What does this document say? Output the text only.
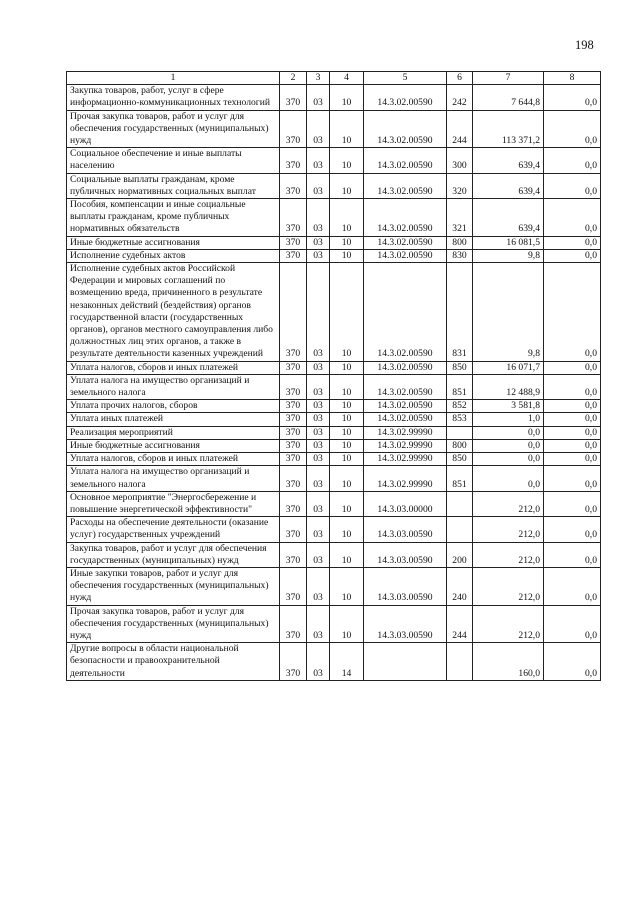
198
1	2	3	4	5	6	7	8
Закупка товаров, работ, услуг в сфере информационно-коммуникационных технологий	370	03	10	14.3.02.00590	242	7 644,8	0,0
Прочая закупка товаров, работ и услуг для обеспечения государственных (муниципальных) нужд	370	03	10	14.3.02.00590	244	113 371,2	0,0
Социальное обеспечение и иные выплаты населению	370	03	10	14.3.02.00590	300	639,4	0,0
Социальные выплаты гражданам, кроме публичных нормативных социальных выплат	370	03	10	14.3.02.00590	320	639,4	0,0
Пособия, компенсации и иные социальные выплаты гражданам, кроме публичных нормативных обязательств	370	03	10	14.3.02.00590	321	639,4	0,0
Иные бюджетные ассигнования	370	03	10	14.3.02.00590	800	16 081,5	0,0
Исполнение судебных актов	370	03	10	14.3.02.00590	830	9,8	0,0
Исполнение судебных актов Российской Федерации и мировых соглашений по возмещению вреда, причиненного в результате незаконных действий (бездействия) органов государственной власти (государственных органов), органов местного самоуправления либо должностных лиц этих органов, а также в результате деятельности казенных учреждений	370	03	10	14.3.02.00590	831	9,8	0,0
Уплата налогов, сборов и иных платежей	370	03	10	14.3.02.00590	850	16 071,7	0,0
Уплата налога на имущество организаций и земельного налога	370	03	10	14.3.02.00590	851	12 488,9	0,0
Уплата прочих налогов, сборов	370	03	10	14.3.02.00590	852	3 581,8	0,0
Уплата иных платежей	370	03	10	14.3.02.00590	853	1,0	0,0
Реализация мероприятий	370	03	10	14.3.02.99990		0,0	0,0
Иные бюджетные ассигнования	370	03	10	14.3.02.99990	800	0,0	0,0
Уплата налогов, сборов и иных платежей	370	03	10	14.3.02.99990	850	0,0	0,0
Уплата налога на имущество организаций и земельного налога	370	03	10	14.3.02.99990	851	0,0	0,0
Основное мероприятие "Энергосбережение и повышение энергетической эффективности"	370	03	10	14.3.03.00000		212,0	0,0
Расходы на обеспечение деятельности (оказание услуг) государственных учреждений	370	03	10	14.3.03.00590		212,0	0,0
Закупка товаров, работ и услуг для обеспечения государственных (муниципальных) нужд	370	03	10	14.3.03.00590	200	212,0	0,0
Иные закупки товаров, работ и услуг для обеспечения государственных (муниципальных) нужд	370	03	10	14.3.03.00590	240	212,0	0,0
Прочая закупка товаров, работ и услуг для обеспечения государственных (муниципальных) нужд	370	03	10	14.3.03.00590	244	212,0	0,0
Другие вопросы в области национальной безопасности и правоохранительной деятельности	370	03	14			160,0	0,0
